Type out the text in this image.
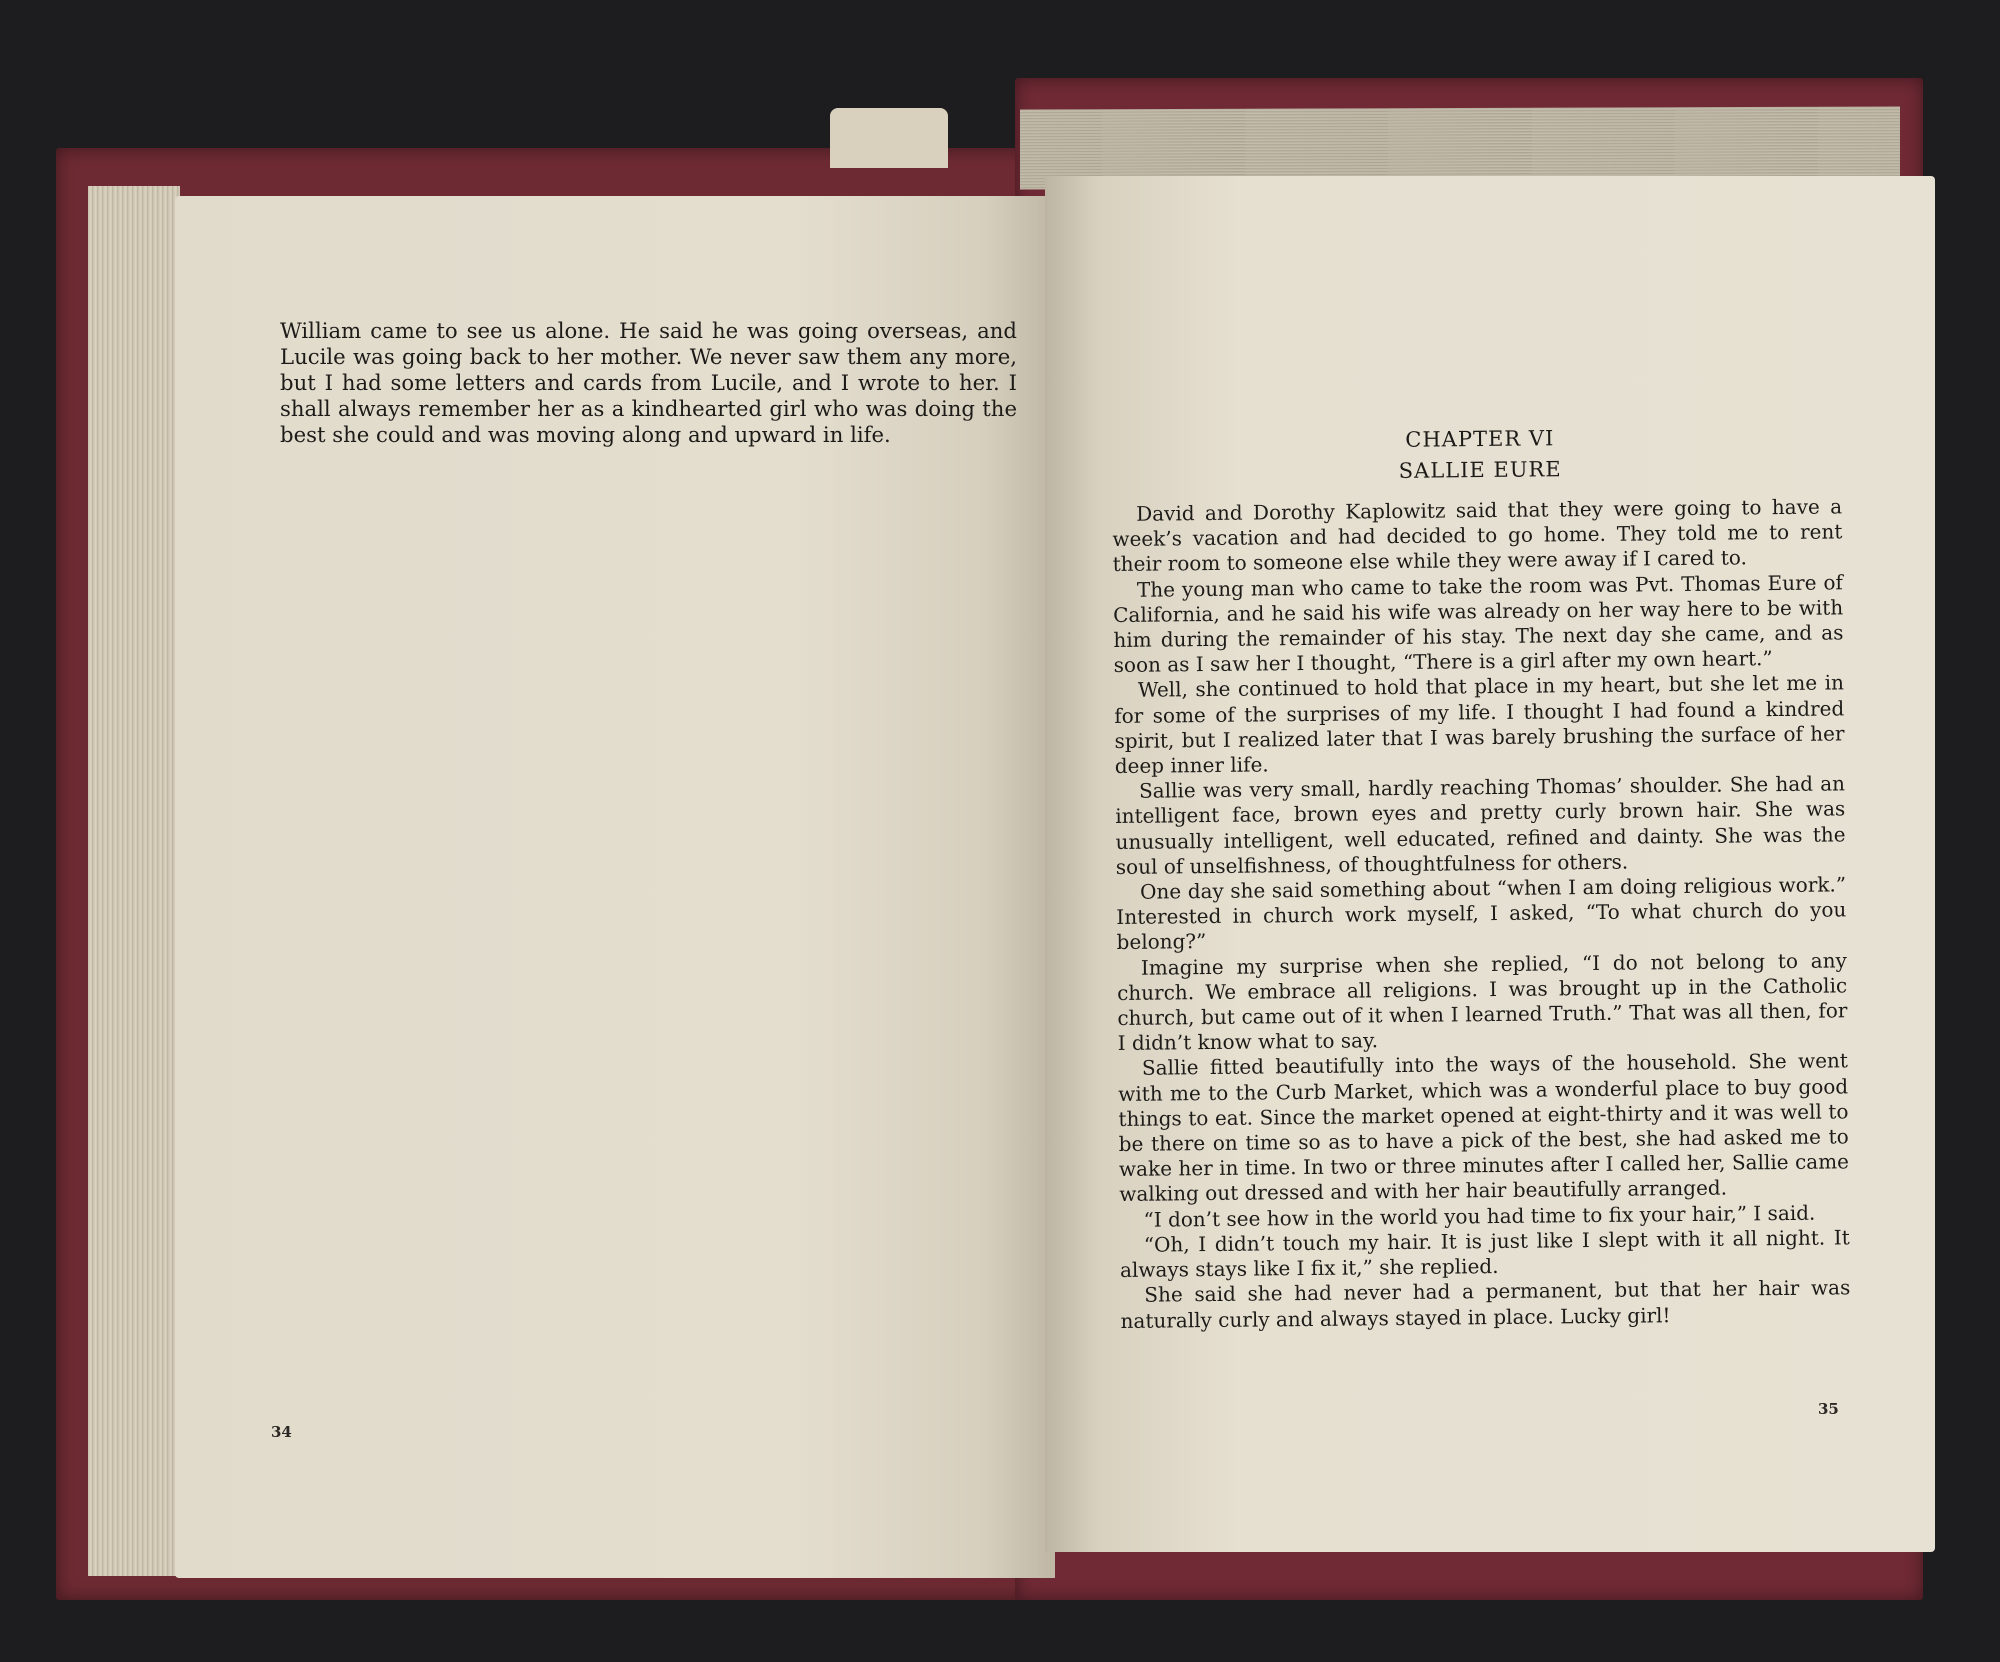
William came to see us alone. He said he was going overseas, and Lucile was going back to her mother. We never saw them any more, but I had some letters and cards from Lucile, and I wrote to her. I shall always remember her as a kindhearted girl who was doing the best she could and was moving along and upward in life.

34
CHAPTER VI
SALLIE EURE

David and Dorothy Kaplowitz said that they were going to have a week’s vacation and had decided to go home. They told me to rent their room to someone else while they were away if I cared to.

The young man who came to take the room was Pvt. Thomas Eure of California, and he said his wife was already on her way here to be with him during the remainder of his stay. The next day she came, and as soon as I saw her I thought, “There is a girl after my own heart.”

Well, she continued to hold that place in my heart, but she let me in for some of the surprises of my life. I thought I had found a kindred spirit, but I realized later that I was barely brushing the surface of her deep inner life.

Sallie was very small, hardly reaching Thomas’ shoulder. She had an intelligent face, brown eyes and pretty curly brown hair. She was unusually intelligent, well educated, refined and dainty. She was the soul of unselfishness, of thoughtfulness for others.

One day she said something about “when I am doing religious work.” Interested in church work myself, I asked, “To what church do you belong?”

Imagine my surprise when she replied, “I do not belong to any church. We embrace all religions. I was brought up in the Catholic church, but came out of it when I learned Truth.” That was all then, for I didn’t know what to say.

Sallie fitted beautifully into the ways of the household. She went with me to the Curb Market, which was a wonderful place to buy good things to eat. Since the market opened at eight-thirty and it was well to be there on time so as to have a pick of the best, she had asked me to wake her in time. In two or three minutes after I called her, Sallie came walking out dressed and with her hair beautifully arranged.

“I don’t see how in the world you had time to fix your hair,” I said.

“Oh, I didn’t touch my hair. It is just like I slept with it all night. It always stays like I fix it,” she replied.

She said she had never had a permanent, but that her hair was naturally curly and always stayed in place. Lucky girl!

35
